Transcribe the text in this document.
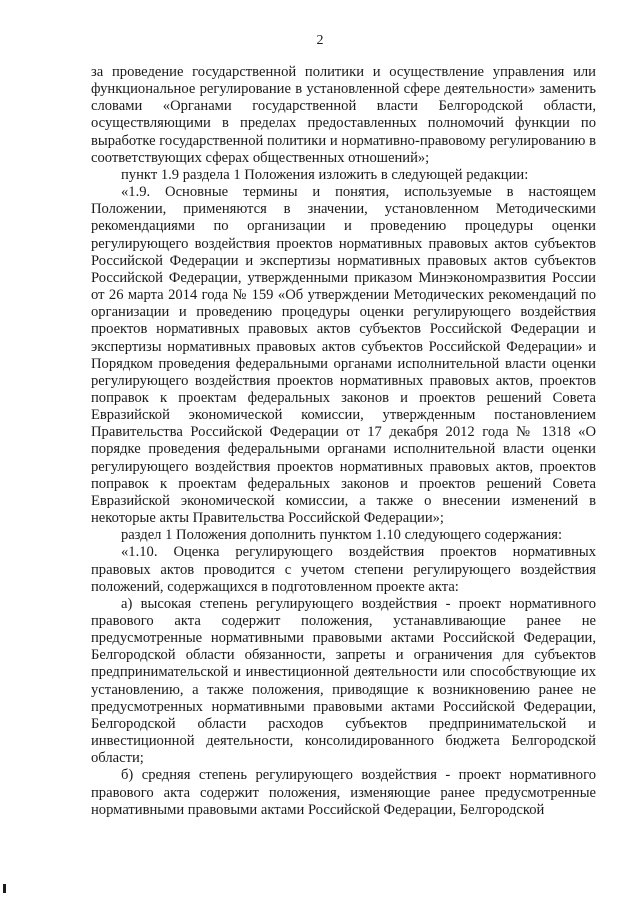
2

за проведение государственной политики и осуществление управления или функциональное регулирование в установленной сфере деятельности» заменить словами «Органами государственной власти Белгородской области, осуществляющими в пределах предоставленных полномочий функции по выработке государственной политики и нормативно-правовому регулированию в соответствующих сферах общественных отношений»;

пункт 1.9 раздела 1 Положения изложить в следующей редакции:

«1.9. Основные термины и понятия, используемые в настоящем Положении, применяются в значении, установленном Методическими рекомендациями по организации и проведению процедуры оценки регулирующего воздействия проектов нормативных правовых актов субъектов Российской Федерации и экспертизы нормативных правовых актов субъектов Российской Федерации, утвержденными приказом Минэкономразвития России от 26 марта 2014 года № 159 «Об утверждении Методических рекомендаций по организации и проведению процедуры оценки регулирующего воздействия проектов нормативных правовых актов субъектов Российской Федерации и экспертизы нормативных правовых актов субъектов Российской Федерации» и Порядком проведения федеральными органами исполнительной власти оценки регулирующего воздействия проектов нормативных правовых актов, проектов поправок к проектам федеральных законов и проектов решений Совета Евразийской экономической комиссии, утвержденным постановлением Правительства Российской Федерации от 17 декабря 2012 года № 1318 «О порядке проведения федеральными органами исполнительной власти оценки регулирующего воздействия проектов нормативных правовых актов, проектов поправок к проектам федеральных законов и проектов решений Совета Евразийской экономической комиссии, а также о внесении изменений в некоторые акты Правительства Российской Федерации»;

раздел 1 Положения дополнить пунктом 1.10 следующего содержания:

«1.10. Оценка регулирующего воздействия проектов нормативных правовых актов проводится с учетом степени регулирующего воздействия положений, содержащихся в подготовленном проекте акта:

а) высокая степень регулирующего воздействия - проект нормативного правового акта содержит положения, устанавливающие ранее не предусмотренные нормативными правовыми актами Российской Федерации, Белгородской области обязанности, запреты и ограничения для субъектов предпринимательской и инвестиционной деятельности или способствующие их установлению, а также положения, приводящие к возникновению ранее не предусмотренных нормативными правовыми актами Российской Федерации, Белгородской области расходов субъектов предпринимательской и инвестиционной деятельности, консолидированного бюджета Белгородской области;

б) средняя степень регулирующего воздействия - проект нормативного правового акта содержит положения, изменяющие ранее предусмотренные нормативными правовыми актами Российской Федерации, Белгородской
